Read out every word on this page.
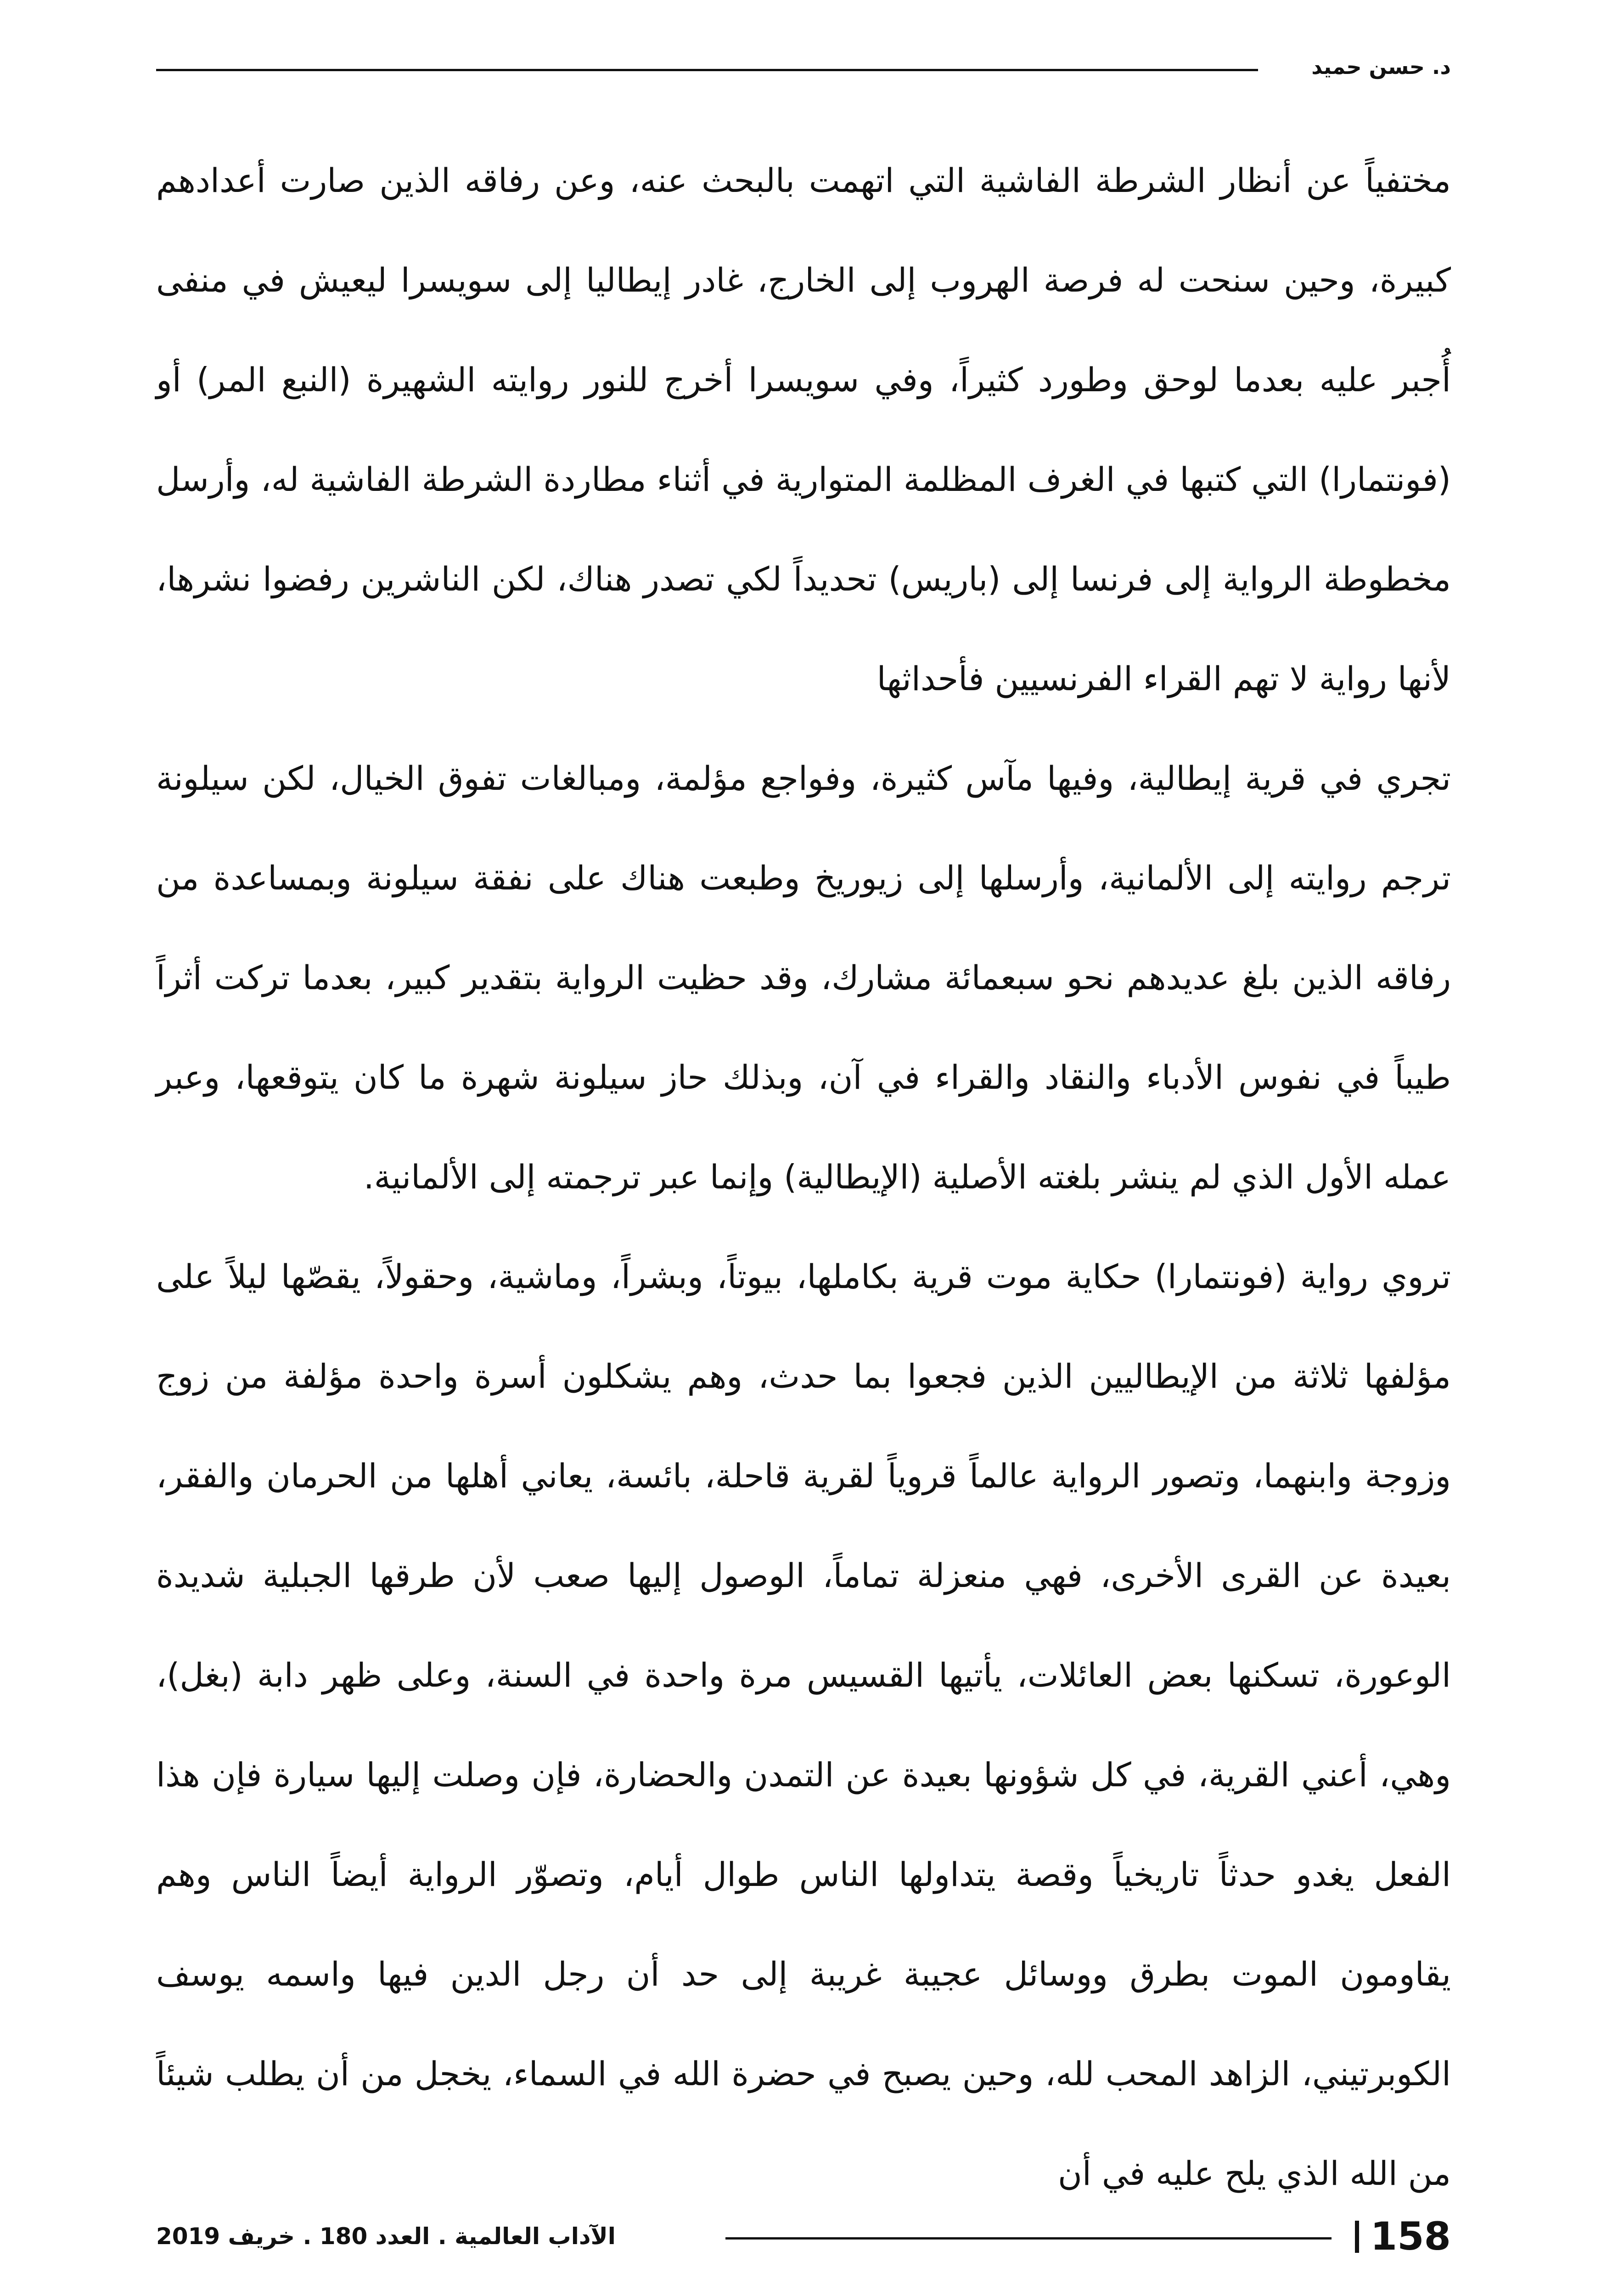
د. حسن حميد

مختفياً عن أنظار الشرطة الفاشية التي اتهمت بالبحث عنه، وعن رفاقه الذين صارت أعدادهم كبيرة، وحين سنحت له فرصة الهروب إلى الخارج، غادر إيطاليا إلى سويسرا ليعيش في منفى أُجبر عليه بعدما لوحق وطورد كثيراً، وفي سويسرا أخرج للنور روايته الشهيرة (النبع المر) أو (فونتمارا) التي كتبها في الغرف المظلمة المتوارية في أثناء مطاردة الشرطة الفاشية له، وأرسل مخطوطة الرواية إلى فرنسا إلى (باريس) تحديداً لكي تصدر هناك، لكن الناشرين رفضوا نشرها، لأنها رواية لا تهم القراء الفرنسيين فأحداثها

تجري في قرية إيطالية، وفيها مآس كثيرة، وفواجع مؤلمة، ومبالغات تفوق الخيال، لكن سيلونة ترجم روايته إلى الألمانية، وأرسلها إلى زيوريخ وطبعت هناك على نفقة سيلونة وبمساعدة من رفاقه الذين بلغ عديدهم نحو سبعمائة مشارك، وقد حظيت الرواية بتقدير كبير، بعدما تركت أثراً طيباً في نفوس الأدباء والنقاد والقراء في آن، وبذلك حاز سيلونة شهرة ما كان يتوقعها، وعبر عمله الأول الذي لم ينشر بلغته الأصلية (الإيطالية) وإنما عبر ترجمته إلى الألمانية.

تروي رواية (فونتمارا) حكاية موت قرية بكاملها، بيوتاً، وبشراً، وماشية، وحقولاً، يقصّها ليلاً على مؤلفها ثلاثة من الإيطاليين الذين فجعوا بما حدث، وهم يشكلون أسرة واحدة مؤلفة من زوج وزوجة وابنهما، وتصور الرواية عالماً قروياً لقرية قاحلة، بائسة، يعاني أهلها من الحرمان والفقر، بعيدة عن القرى الأخرى، فهي منعزلة تماماً، الوصول إليها صعب لأن طرقها الجبلية شديدة الوعورة، تسكنها بعض العائلات، يأتيها القسيس مرة واحدة في السنة، وعلى ظهر دابة (بغل)، وهي، أعني القرية، في كل شؤونها بعيدة عن التمدن والحضارة، فإن وصلت إليها سيارة فإن هذا الفعل يغدو حدثاً تاريخياً وقصة يتداولها الناس طوال أيام، وتصوّر الرواية أيضاً الناس وهم يقاومون الموت بطرق ووسائل عجيبة غريبة إلى حد أن رجل الدين فيها واسمه يوسف الكوبرتيني، الزاهد المحب لله، وحين يصبح في حضرة الله في السماء، يخجل من أن يطلب شيئاً من الله الذي يلح عليه في أن

158
الآداب العالمية . العدد 180 . خريف 2019
